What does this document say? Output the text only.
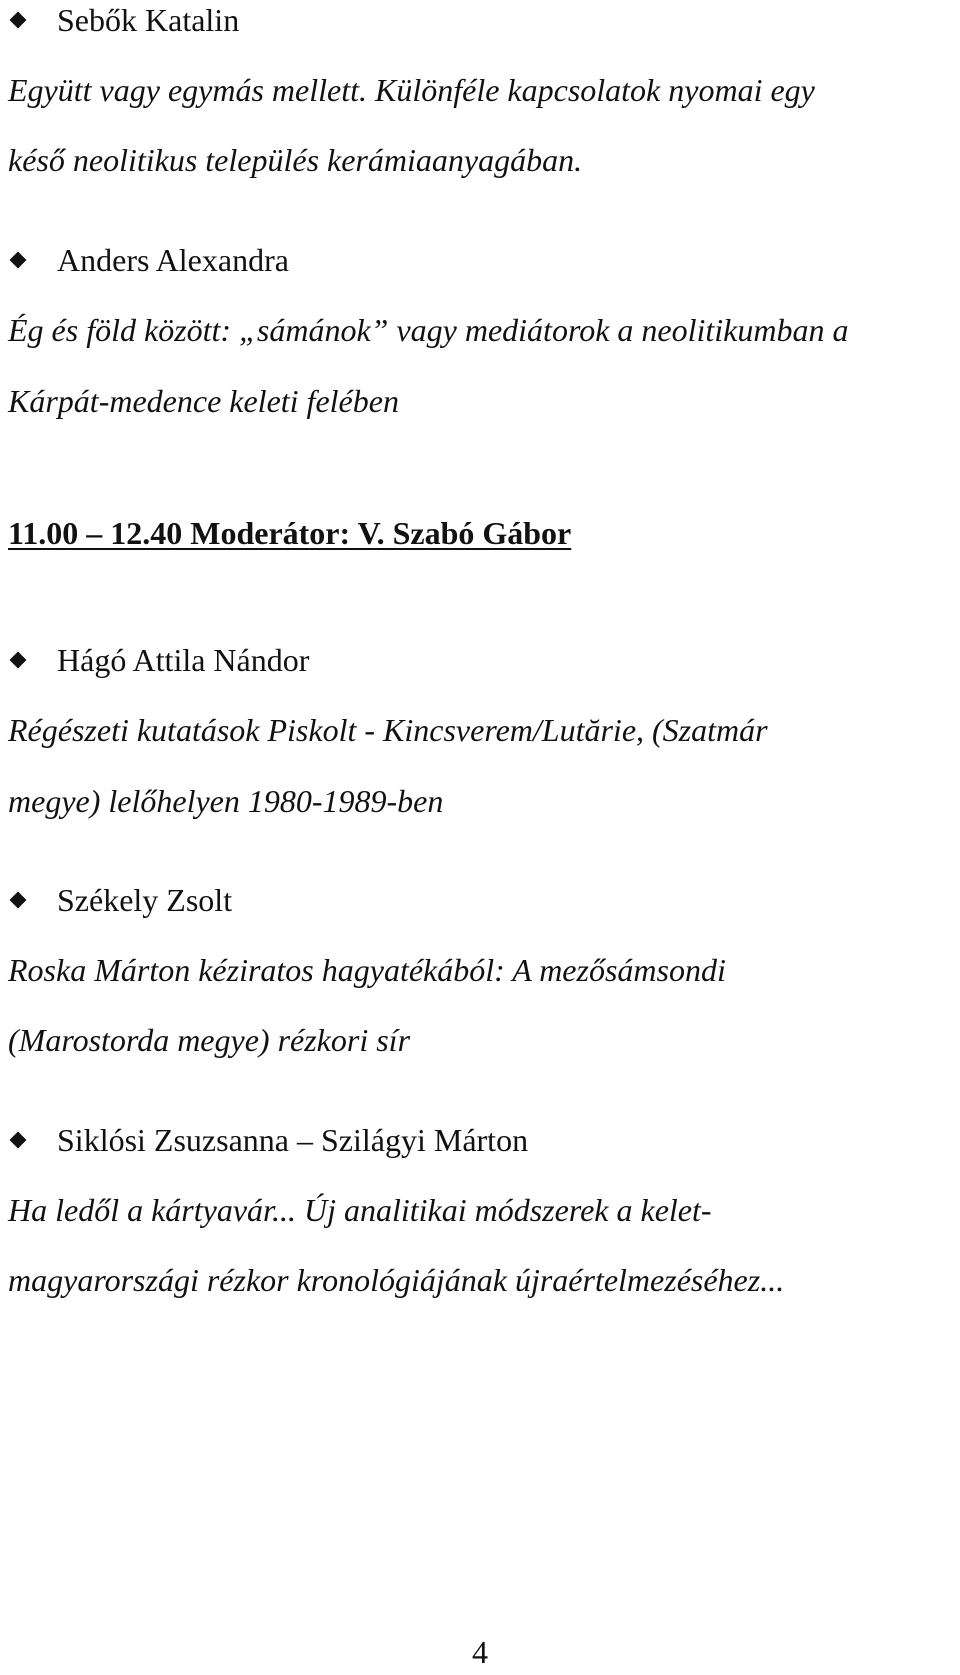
Sebők Katalin
Együtt vagy egymás mellett. Különféle kapcsolatok nyomai egy
késő neolitikus település kerámiaanyagában.
Anders Alexandra
Ég és föld között: „sámánok” vagy mediátorok a neolitikumban a
Kárpát-medence keleti felében
11.00 – 12.40 Moderátor: V. Szabó Gábor
Hágó Attila Nándor
Régészeti kutatások Piskolt - Kincsverem/Lutărie, (Szatmár
megye) lelőhelyen 1980-1989-ben
Székely Zsolt
Roska Márton kéziratos hagyatékából: A mezősámsondi
(Marostorda megye) rézkori sír
Siklósi Zsuzsanna – Szilágyi Márton
Ha ledől a kártyavár... Új analitikai módszerek a kelet-
magyarországi rézkor kronológiájának újraértelmezéséhez...
4
